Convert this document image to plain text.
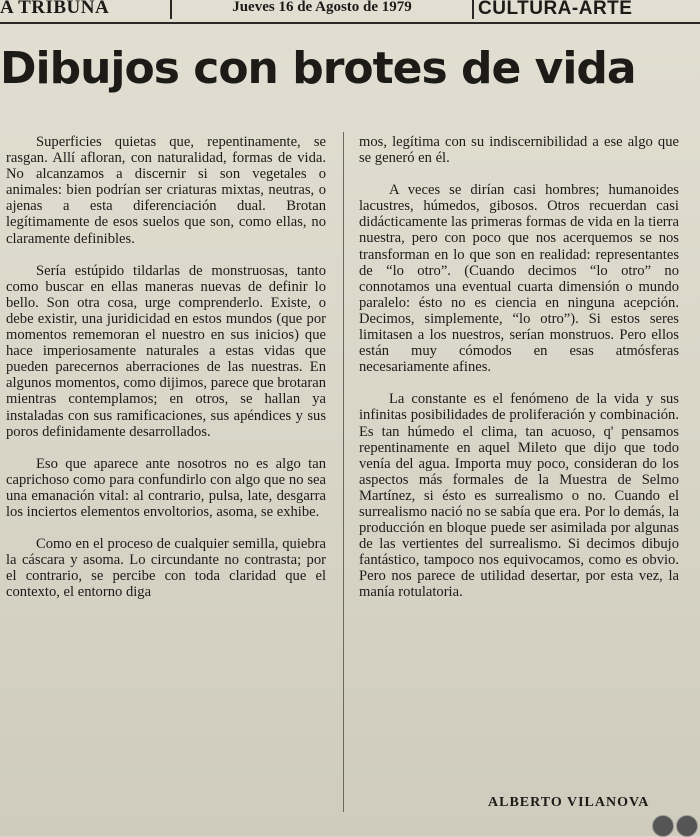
A TRIBUNA	Jueves 16 de Agosto de 1979	CULTURA-ARTE
Dibujos con brotes de vida

Superficies quietas que, repentinamente, se rasgan. Allí afloran, con naturalidad, formas de vida. No alcanzamos a discernir si son vegetales o animales: bien podrían ser criaturas mixtas, neutras, o ajenas a esta diferenciación dual. Brotan legítimamente de esos suelos que son, como ellas, no claramente definibles.

Sería estúpido tildarlas de monstruosas, tanto como buscar en ellas maneras nuevas de definir lo bello. Son otra cosa, urge comprenderlo. Existe, o debe existir, una juridicidad en estos mundos (que por momentos rememoran el nuestro en sus inicios) que hace imperiosamente naturales a estas vidas que pueden parecernos aberraciones de las nuestras. En algunos momentos, como dijimos, parece que brotaran mientras contemplamos; en otros, se hallan ya instaladas con sus ramificaciones, sus apéndices y sus poros definidamente desarrollados.

Eso que aparece ante nosotros no es algo tan caprichoso como para confundirlo con algo que no sea una emanación vital: al contrario, pulsa, late, desgarra los inciertos elementos envoltorios, asoma, se exhibe.

Como en el proceso de cualquier semilla, quiebra la cáscara y asoma. Lo circundante no contrasta; por el contrario, se percibe con toda claridad que el contexto, el entorno diga

mos, legítima con su indiscernibilidad a ese algo que se generó en él.

A veces se dirían casi hombres; humanoides lacustres, húmedos, gibosos. Otros recuerdan casi didácticamente las primeras formas de vida en la tierra nuestra, pero con poco que nos acerquemos se nos transforman en lo que son en realidad: representantes de “lo otro”. (Cuando decimos “lo otro” no connotamos una eventual cuarta dimensión o mundo paralelo: ésto no es ciencia en ninguna acepción. Decimos, simplemente, “lo otro”). Si estos seres limitasen a los nuestros, serían monstruos. Pero ellos están muy cómodos en esas atmósferas necesariamente afines.

La constante es el fenómeno de la vida y sus infinitas posibilidades de proliferación y combinación. Es tan húmedo el clima, tan acuoso, q' pensamos repentinamente en aquel Mileto que dijo que todo venía del agua. Importa muy poco, consideran do los aspectos más formales de la Muestra de Selmo Martínez, si ésto es surrealismo o no. Cuando el surrealismo nació no se sabía que era. Por lo demás, la producción en bloque puede ser asimilada por algunas de las vertientes del surrealismo. Si decimos dibujo fantástico, tampoco nos equivocamos, como es obvio. Pero nos parece de utilidad desertar, por esta vez, la manía rotulatoria.

ALBERTO VILANOVA
